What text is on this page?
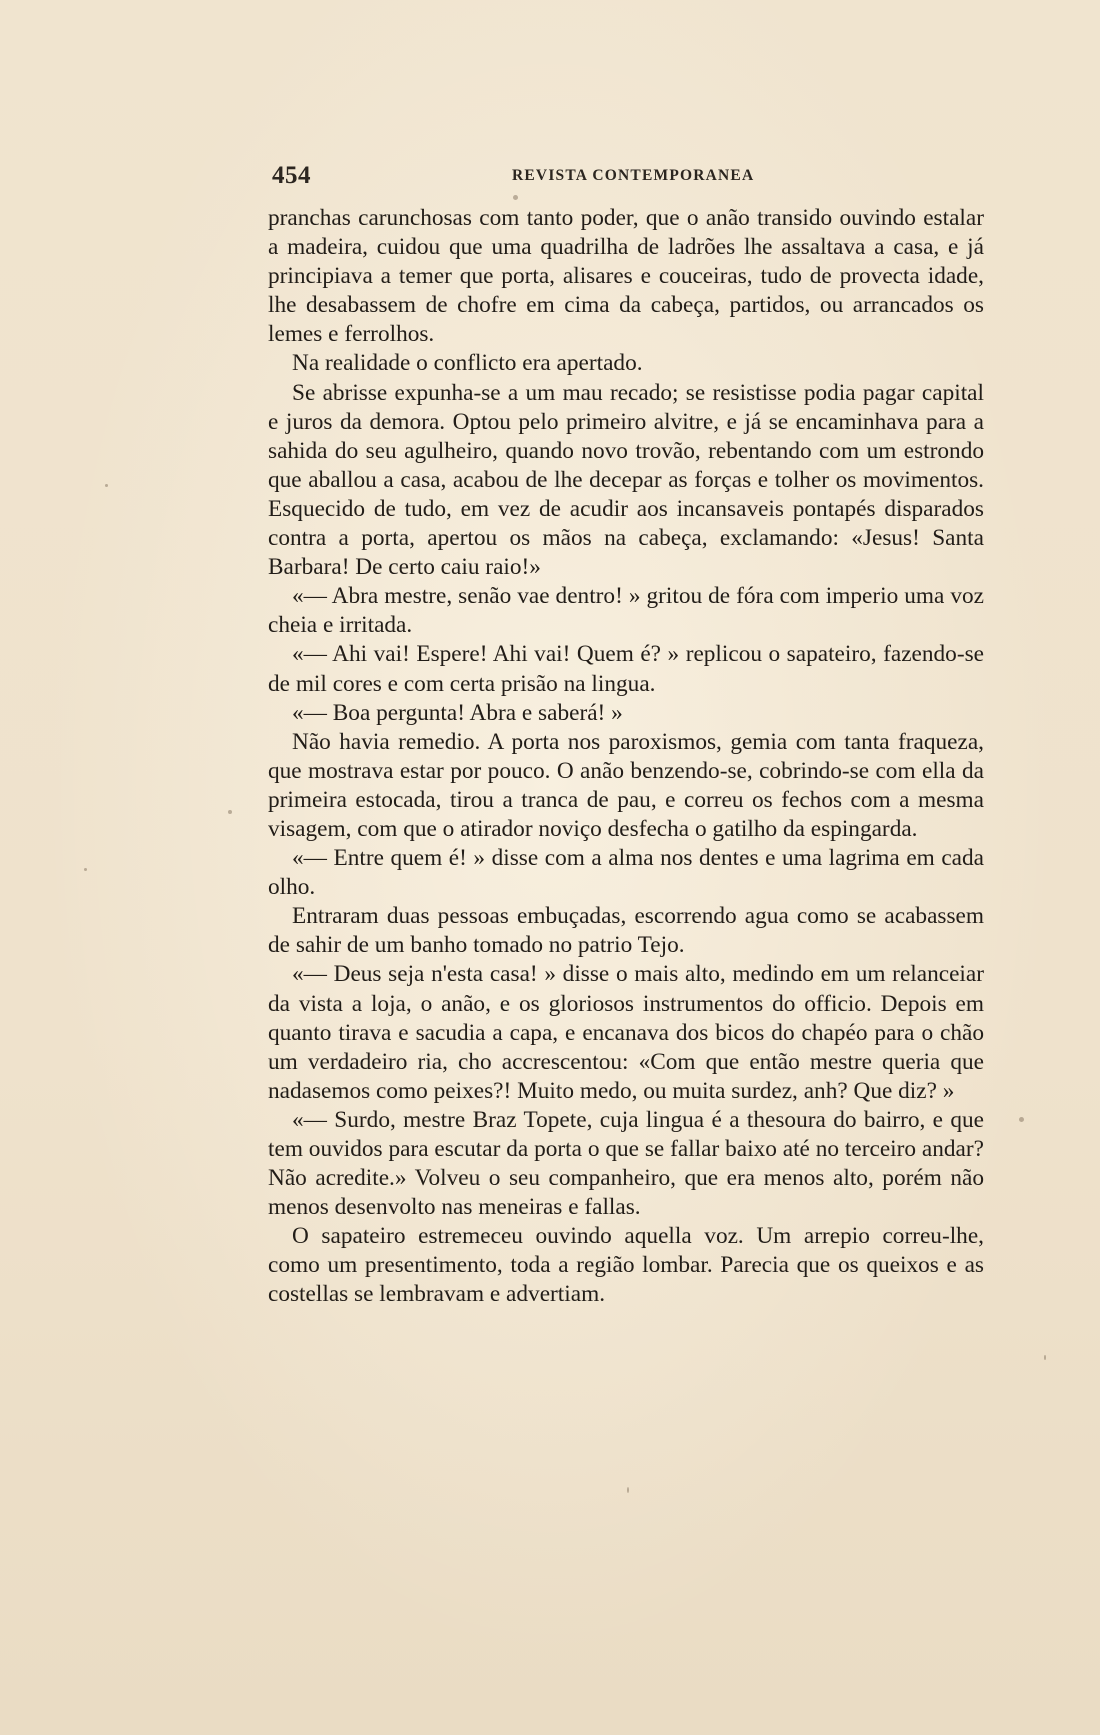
454	REVISTA CONTEMPORANEA

pranchas carunchosas com tanto poder, que o anão transido ouvindo estalar a madeira, cuidou que uma quadrilha de ladrões lhe assaltava a casa, e já principiava a temer que porta, alisares e couceiras, tudo de provecta idade, lhe desabassem de chofre em cima da cabeça, partidos, ou arrancados os lemes e ferrolhos.

Na realidade o conflicto era apertado.

Se abrisse expunha-se a um mau recado; se resistisse podia pagar capital e juros da demora. Optou pelo primeiro alvitre, e já se encaminhava para a sahida do seu agulheiro, quando novo trovão, rebentando com um estrondo que aballou a casa, acabou de lhe decepar as forças e tolher os movimentos. Esquecido de tudo, em vez de acudir aos incansaveis pontapés disparados contra a porta, apertou os mãos na cabeça, exclamando: «Jesus! Santa Barbara! De certo caiu raio!»

«— Abra mestre, senão vae dentro! » gritou de fóra com imperio uma voz cheia e irritada.

«— Ahi vai! Espere! Ahi vai! Quem é? » replicou o sapateiro, fazendo-se de mil cores e com certa prisão na lingua.

«— Boa pergunta! Abra e saberá! »

Não havia remedio. A porta nos paroxismos, gemia com tanta fraqueza, que mostrava estar por pouco. O anão benzendo-se, cobrindo-se com ella da primeira estocada, tirou a tranca de pau, e correu os fechos com a mesma visagem, com que o atirador noviço desfecha o gatilho da espingarda.

«— Entre quem é! » disse com a alma nos dentes e uma lagrima em cada olho.

Entraram duas pessoas embuçadas, escorrendo agua como se acabassem de sahir de um banho tomado no patrio Tejo.

«— Deus seja n'esta casa! » disse o mais alto, medindo em um relanceiar da vista a loja, o anão, e os gloriosos instrumentos do officio. Depois em quanto tirava e sacudia a capa, e encanava dos bicos do chapéo para o chão um verdadeiro ria, cho accrescentou: «Com que então mestre queria que nadasemos como peixes?! Muito medo, ou muita surdez, anh? Que diz? »

«— Surdo, mestre Braz Topete, cuja lingua é a thesoura do bairro, e que tem ouvidos para escutar da porta o que se fallar baixo até no terceiro andar? Não acredite.» Volveu o seu companheiro, que era menos alto, porém não menos desenvolto nas meneiras e fallas.

O sapateiro estremeceu ouvindo aquella voz. Um arrepio correu-lhe, como um presentimento, toda a região lombar. Parecia que os queixos e as costellas se lembravam e advertiam.
